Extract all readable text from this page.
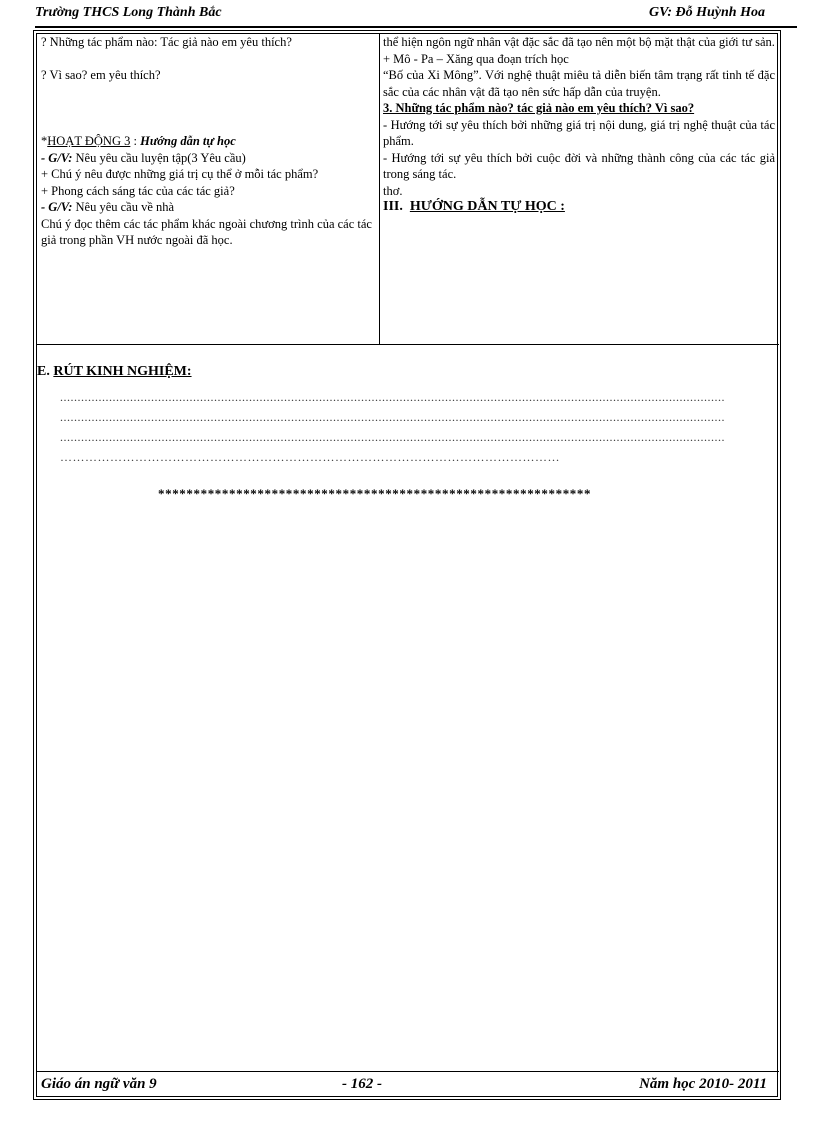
Trường THCS Long Thành Bắc	GV: Đỗ Huỳnh Hoa

? Những tác phẩm nào: Tác giả nào em yêu thích?

? Vì sao? em yêu thích?

*HOẠT ĐỘNG 3 : Hướng dẫn tự học

- G/V: Nêu yêu cầu luyện tập(3 Yêu cầu)

+ Chú ý nêu được những giá trị cụ thể ở mỗi tác phẩm?

+ Phong cách sáng tác của các tác giả?

- G/V: Nêu yêu cầu về nhà

Chú ý đọc thêm các tác phẩm khác ngoài chương trình của các tác giả trong phần VH nước ngoài đã học.

thể hiện ngôn ngữ nhân vật đặc sắc đã tạo nên một bộ mặt thật của giới tư sản.

+ Mô - Pa – Xăng qua đoạn trích học

“Bố của Xi Mông”. Với nghệ thuật miêu tả diễn biến tâm trạng rất tinh tế đặc sắc của các nhân vật đã tạo nên sức hấp dẫn của truyện.

3. Những tác phẩm nào? tác giả nào em yêu thích? Vì sao?

- Hướng tới sự yêu thích bởi những giá trị nội dung, giá trị nghệ thuật của tác phẩm.

- Hướng tới sự yêu thích bởi cuộc đời và những thành công của các tác giả trong sáng tác.

thơ.

III. HƯỚNG DẪN TỰ HỌC :

E. RÚT KINH NGHIỆM:
..............................................................................................................................................................................................
..............................................................................................................................................................................................
..............................................................................................................................................................................................
…………………………………………………………………………………………………………
*************************************************************
Giáo án ngữ văn 9	- 162 -	Năm học 2010- 2011
